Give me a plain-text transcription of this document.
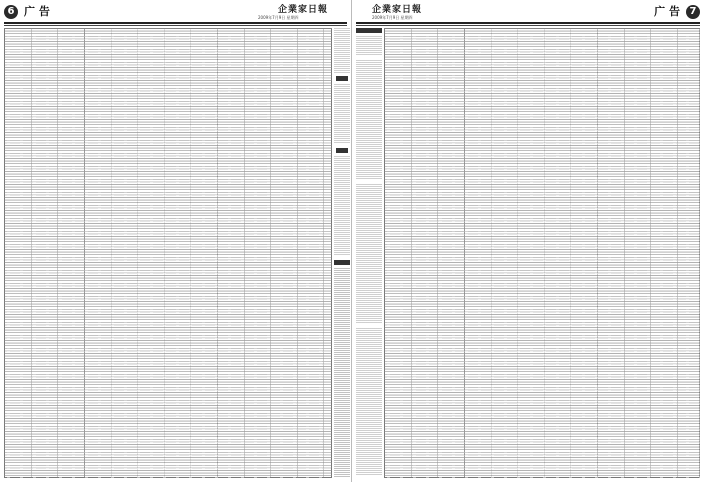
6 广 告	企業家日報
2009年7月9日 星期四
7
广 告
企業家日報
2009年7月9日 星期四
